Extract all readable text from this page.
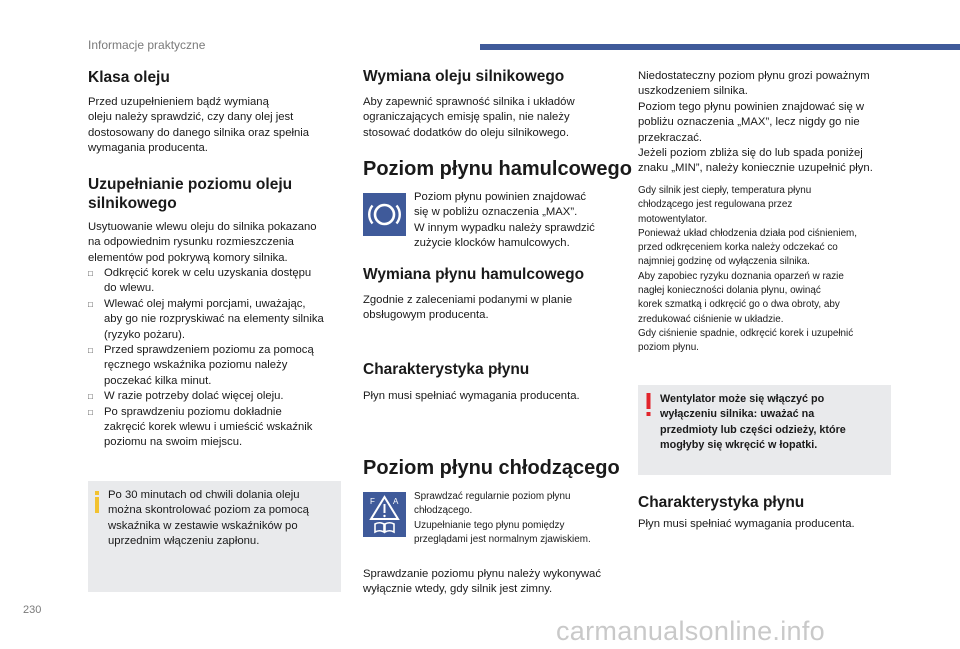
Informacje praktyczne
Klasa oleju

Przed uzupełnieniem bądź wymianą
oleju należy sprawdzić, czy dany olej jest
dostosowany do danego silnika oraz spełnia
wymagania producenta.

Uzupełnianie poziomu oleju
silnikowego

Usytuowanie wlewu oleju do silnika pokazano
na odpowiednim rysunku rozmieszczenia
elementów pod pokrywą komory silnika.

□ Odkręcić korek w celu uzyskania dostępu
do wlewu.
□ Wlewać olej małymi porcjami, uważając,
aby go nie rozpryskiwać na elementy silnika
(ryzyko pożaru).
□ Przed sprawdzeniem poziomu za pomocą
ręcznego wskaźnika poziomu należy
poczekać kilka minut.
□ W razie potrzeby dolać więcej oleju.
□ Po sprawdzeniu poziomu dokładnie
zakręcić korek wlewu i umieścić wskaźnik
poziomu na swoim miejscu.

Po 30 minutach od chwili dolania oleju
można skontrolować poziom za pomocą
wskaźnika w zestawie wskaźników po
uprzednim włączeniu zapłonu.

Wymiana oleju silnikowego

Aby zapewnić sprawność silnika i układów
ograniczających emisję spalin, nie należy
stosować dodatków do oleju silnikowego.

Poziom płynu hamulcowego

Poziom płynu powinien znajdować
się w pobliżu oznaczenia „MAX”.
W innym wypadku należy sprawdzić
zużycie klocków hamulcowych.

Wymiana płynu hamulcowego

Zgodnie z zaleceniami podanymi w planie
obsługowym producenta.

Charakterystyka płynu

Płyn musi spełniać wymagania producenta.

Poziom płynu chłodzącego
F A Sprawdzać regularnie poziom płynu
chłodzącego.
Uzupełnianie tego płynu pomiędzy
przeglądami jest normalnym zjawiskiem.

Sprawdzanie poziomu płynu należy wykonywać
wyłącznie wtedy, gdy silnik jest zimny.

Niedostateczny poziom płynu grozi poważnym
uszkodzeniem silnika.
Poziom tego płynu powinien znajdować się w
pobliżu oznaczenia „MAX”, lecz nigdy go nie
przekraczać.
Jeżeli poziom zbliża się do lub spada poniżej
znaku „MIN”, należy koniecznie uzupełnić płyn.

Gdy silnik jest ciepły, temperatura płynu
chłodzącego jest regulowana przez
motowentylator.
Ponieważ układ chłodzenia działa pod ciśnieniem,
przed odkręceniem korka należy odczekać co
najmniej godzinę od wyłączenia silnika.
Aby zapobiec ryzyku doznania oparzeń w razie
nagłej konieczności dolania płynu, owinąć
korek szmatką i odkręcić go o dwa obroty, aby
zredukować ciśnienie w układzie.
Gdy ciśnienie spadnie, odkręcić korek i uzupełnić
poziom płynu.

Wentylator może się włączyć po
wyłączeniu silnika: uważać na
przedmioty lub części odzieży, które
mogłyby się wkręcić w łopatki.

Charakterystyka płynu

Płyn musi spełniać wymagania producenta.

230
carmanualsonline.info
